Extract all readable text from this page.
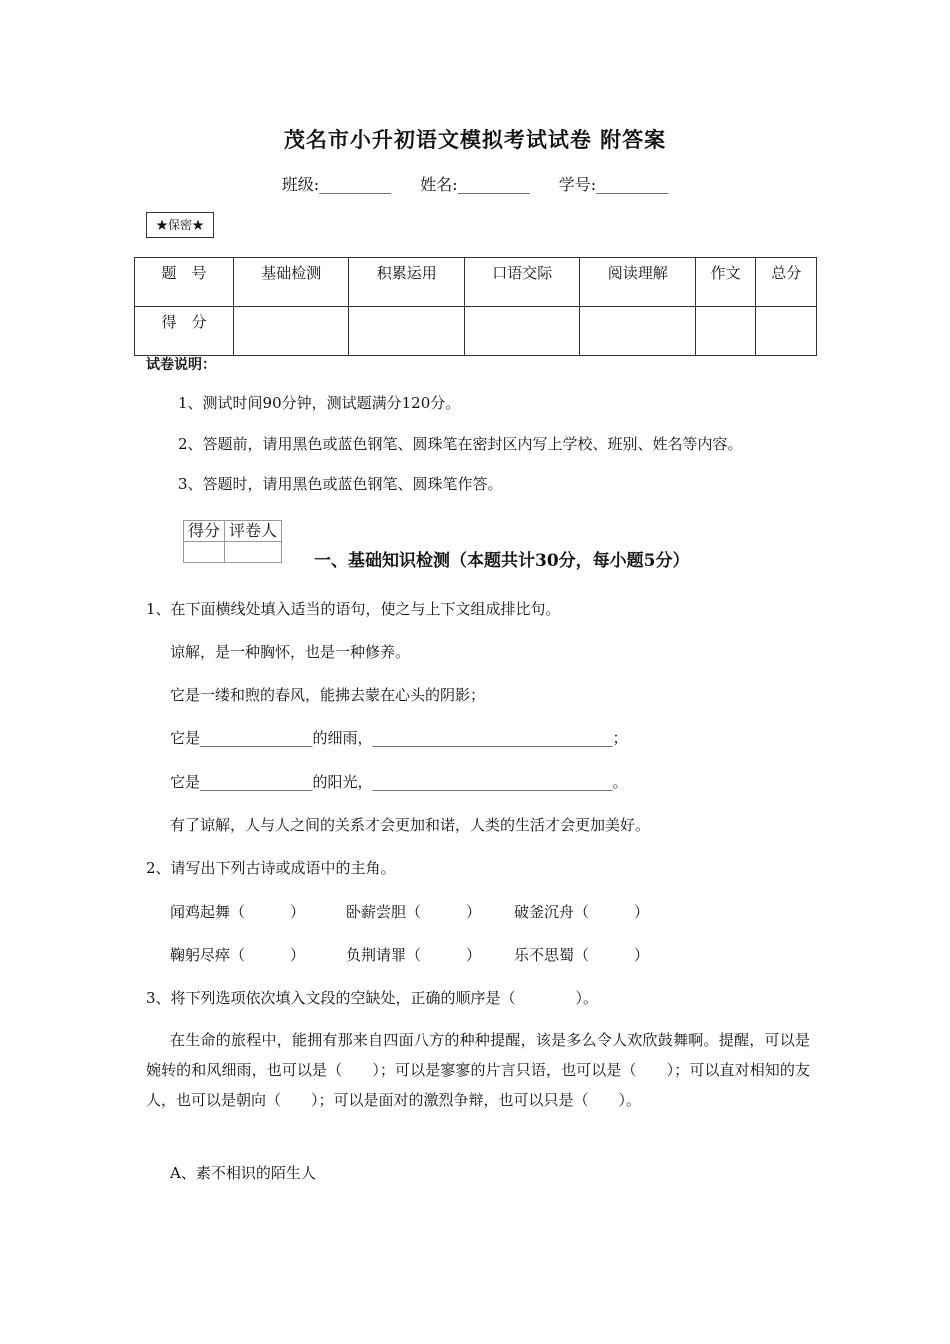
茂名市小升初语文模拟考试试卷 附答案
班级:_________ 姓名:_________ 学号:_________
★保密★
题　号	基础检测	积累运用	口语交际	阅读理解	作文	总分
得　分						
试卷说明：
1、测试时间90分钟，测试题满分120分。
2、答题前，请用黑色或蓝色钢笔、圆珠笔在密封区内写上学校、班别、姓名等内容。
3、答题时，请用黑色或蓝色钢笔、圆珠笔作答。
得分	评卷人

一、基础知识检测（本题共计30分，每小题5分）
1、在下面横线处填入适当的语句，使之与上下文组成排比句。
谅解，是一种胸怀，也是一种修养。
它是一缕和煦的春风，能拂去蒙在心头的阴影；
它是_______________的细雨，________________________________；
它是_______________的阳光，________________________________。
有了谅解，人与人之间的关系才会更加和诺，人类的生活才会更加美好。
2、请写出下列古诗或成语中的主角。
闻鸡起舞（　　　）	卧薪尝胆（　　　） 破釜沉舟（　　　）
鞠躬尽瘁（　　　）	负荆请罪（　　　） 乐不思蜀（　　　）
3、将下列选项依次填入文段的空缺处，正确的顺序是（　　　　）。
在生命的旅程中，能拥有那来自四面八方的种种提醒，该是多么令人欢欣鼓舞啊。提醒，可以是婉转的和风细雨，也可以是（　　）；可以是寥寥的片言只语，也可以是（　　）；可以直对相知的友人，也可以是朝向（　　）；可以是面对的激烈争辩，也可以只是（　　）。
A、素不相识的陌生人
